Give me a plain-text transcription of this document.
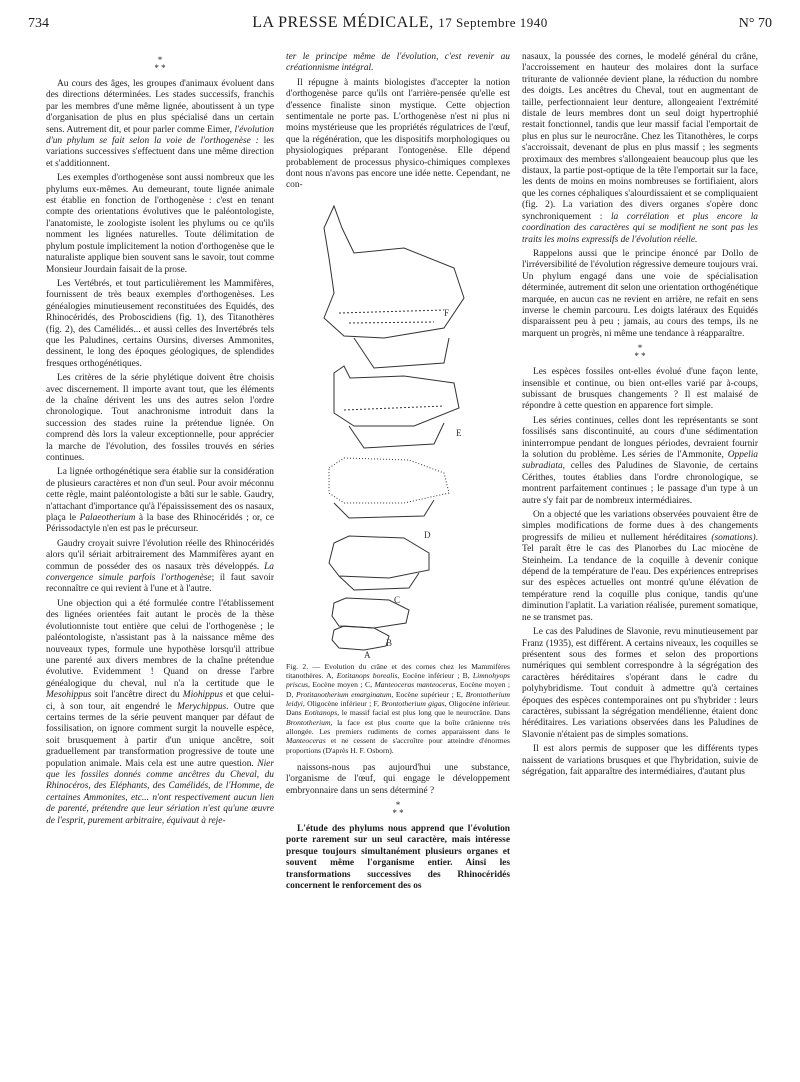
734	LA PRESSE MÉDICALE, 17 Septembre 1940	N° 70
*
* *

Au cours des âges, les groupes d'animaux évoluent dans des directions déterminées. Les stades successifs, franchis par les membres d'une même lignée, aboutissent à un type d'organisation de plus en plus spécialisé dans un certain sens. Autrement dit, et pour parler comme Eimer, l'évolution d'un phylum se fait selon la voie de l'orthogenèse : les variations successives s'effectuent dans une même direction et s'additionnent.

Les exemples d'orthogenèse sont aussi nombreux que les phylums eux-mêmes. Au demeurant, toute lignée animale est établie en fonction de l'orthogenèse : c'est en tenant compte des orientations évolutives que le paléontologiste, l'anatomiste, le zoologiste isolent les phylums ou ce qu'ils nomment les lignées naturelles. Toute délimitation de phylum postule implicitement la notion d'orthogenèse que le naturaliste applique bien souvent sans le savoir, tout comme Monsieur Jourdain faisait de la prose.

Les Vertébrés, et tout particulièrement les Mammifères, fournissent de très beaux exemples d'orthogenèses. Les généalogies minutieusement reconstituées des Equidés, des Rhinocéridés, des Proboscidiens (fig. 1), des Titanothères (fig. 2), des Camélidés... et aussi celles des Invertébrés tels que les Paludines, certains Oursins, diverses Ammonites, dessinent, le long des époques géologiques, de splendides fresques orthogénétiques.

Les critères de la série phylétique doivent être choisis avec discernement. Il importe avant tout, que les éléments de la chaîne dérivent les uns des autres selon l'ordre chronologique. Tout anachronisme introduit dans la succession des stades ruine la prétendue lignée. On comprend dès lors la valeur exceptionnelle, pour apprécier la marche de l'évolution, des fossiles trouvés en séries continues.

La lignée orthogénétique sera établie sur la considération de plusieurs caractères et non d'un seul. Pour avoir méconnu cette règle, maint paléontologiste a bâti sur le sable. Gaudry, n'attachant d'importance qu'à l'épaississement des os nasaux, plaça le Palaeotherium à la base des Rhinocéridés ; or, ce Périssodactyle n'en est pas le précurseur.

Gaudry croyait suivre l'évolution réelle des Rhinocéridés alors qu'il sériait arbitrairement des Mammifères ayant en commun de posséder des os nasaux très développés. La convergence simule parfois l'orthogenèse; il faut savoir reconnaître ce qui revient à l'une et à l'autre.

Une objection qui a été formulée contre l'établissement des lignées orientées fait autant le procès de la thèse évolutionniste tout entière que celui de l'orthogenèse ; le paléontologiste, n'assistant pas à la naissance même des nouveaux types, formule une hypothèse lorsqu'il attribue une parenté aux divers membres de la chaîne prétendue évolutive. Evidemment ! Quand on dresse l'arbre généalogique du cheval, nul n'a la certitude que le Mesohippus soit l'ancêtre direct du Miohippus et que celui-ci, à son tour, ait engendré le Merychippus. Outre que certains termes de la série peuvent manquer par défaut de fossilisation, on ignore comment surgit la nouvelle espèce, soit brusquement à partir d'un unique ancêtre, soit graduellement par transformation progressive de toute une population animale. Mais cela est une autre question. Nier que les fossiles donnés comme ancêtres du Cheval, du Rhinocéros, des Eléphants, des Camélidés, de l'Homme, de certaines Ammonites, etc... n'ont respectivement aucun lien de parenté, prétendre que leur sériation n'est qu'une œuvre de l'esprit, purement arbitraire, équivaut à reje-

ter le principe même de l'évolution, c'est revenir au créationnisme intégral.

Il répugne à maints biologistes d'accepter la notion d'orthogenèse parce qu'ils ont l'arrière-pensée qu'elle est d'essence finaliste sinon mystique. Cette objection sentimentale ne porte pas. L'orthogenèse n'est ni plus ni moins mystérieuse que les propriétés régulatrices de l'œuf, que la régénération, que les dispositifs morphologiques ou physiologiques préparant l'ontogenèse. Elle dépend probablement de processus physico-chimiques complexes dont nous n'avons pas encore une idée nette. Cependant, ne con-

F
E
D
C
B
A

Fig. 2. — Evolution du crâne et des cornes chez les Mammifères titanothères. A, Eotitanops borealis, Eocène inférieur ; B, Limnohyops priscus, Eocène moyen ; C, Manteoceras manteoceras, Eocène moyen ; D, Protitanotherium emarginatum, Eocène supérieur ; E, Brontotherium leidyi, Oligocène inférieur ; F, Brontotherium gigas, Oligocène inférieur. Dans Eotitanops, le massif facial est plus long que le neurocrâne. Dans Brontotherium, la face est plus courte que la boîte crânienne très allongée. Les premiers rudiments de cornes apparaissent dans le Manteoceras et ne cessent de s'accroître pour atteindre d'énormes proportions (D'après H. F. Osborn).

naissons-nous pas aujourd'hui une substance, l'organisme de l'œuf, qui engage le développement embryonnaire dans un sens déterminé ?

*
* *

L'étude des phylums nous apprend que l'évolution porte rarement sur un seul caractère, mais intéresse presque toujours simultanément plusieurs organes et souvent même l'organisme entier. Ainsi les transformations successives des Rhinocéridés concernent le renforcement des os

nasaux, la poussée des cornes, le modelé général du crâne, l'accroissement en hauteur des molaires dont la surface triturante de valionnée devient plane, la réduction du nombre des doigts. Les ancêtres du Cheval, tout en augmentant de taille, perfectionnaient leur denture, allongeaient l'extrémité distale de leurs membres dont un seul doigt hypertrophié restait fonctionnel, tandis que leur massif facial l'emportait de plus en plus sur le neurocrâne. Chez les Titanothères, le corps s'accroissait, devenant de plus en plus massif ; les segments proximaux des membres s'allongeaient beaucoup plus que les distaux, la partie post-optique de la tête l'emportait sur la face, les dents de moins en moins nombreuses se fortifiaient, alors que les cornes céphaliques s'alourdissaient et se compliquaient (fig. 2). La variation des divers organes s'opère donc synchroniquement : la corrélation et plus encore la coordination des caractères qui se modifient ne sont pas les traits les moins expressifs de l'évolution réelle.

Rappelons aussi que le principe énoncé par Dollo de l'irréversibilité de l'évolution régressive demeure toujours vrai. Un phylum engagé dans une voie de spécialisation déterminée, autrement dit selon une orientation orthogénétique marquée, en aucun cas ne revient en arrière, ne refait en sens inverse le chemin parcouru. Les doigts latéraux des Equidés disparaissent peu à peu ; jamais, au cours des temps, ils ne marquent un progrès, ni même une tendance à réapparaître.

*
* *

Les espèces fossiles ont-elles évolué d'une façon lente, insensible et continue, ou bien ont-elles varié par à-coups, subissant de brusques changements ? Il est malaisé de répondre à cette question en apparence fort simple.

Les séries continues, celles dont les représentants se sont fossilisés sans discontinuité, au cours d'une sédimentation ininterrompue pendant de longues périodes, devraient fournir la solution du problème. Les séries de l'Ammonite, Oppelia subradiata, celles des Paludines de Slavonie, de certains Cérithes, toutes établies dans l'ordre chronologique, se montrent parfaitement continues ; le passage d'un type à un autre s'y fait par de nombreux intermédiaires.

On a objecté que les variations observées pouvaient être de simples modifications de forme dues à des changements progressifs de milieu et nullement héréditaires (somations). Tel paraît être le cas des Planorbes du Lac miocène de Steinheim. La tendance de la coquille à devenir conique dépend de la température de l'eau. Des expériences entreprises sur des espèces actuelles ont montré qu'une élévation de température rend la coquille plus conique, tandis qu'une diminution l'aplatit. La variation réalisée, purement somatique, ne se transmet pas.

Le cas des Paludines de Slavonie, revu minutieusement par Franz (1935), est différent. A certains niveaux, les coquilles se présentent sous des formes et selon des proportions numériques qui semblent correspondre à la ségrégation des caractères héréditaires s'opérant dans le cadre du polyhybridisme. Tout conduit à admettre qu'à certaines époques des espèces contemporaines ont pu s'hybrider : leurs caractères, subissant la ségrégation mendélienne, étaient donc héréditaires. Les variations observées dans les Paludines de Slavonie n'étaient pas de simples somations.

Il est alors permis de supposer que les différents types naissent de variations brusques et que l'hybridation, suivie de ségrégation, fait apparaître des intermédiaires, d'autant plus
